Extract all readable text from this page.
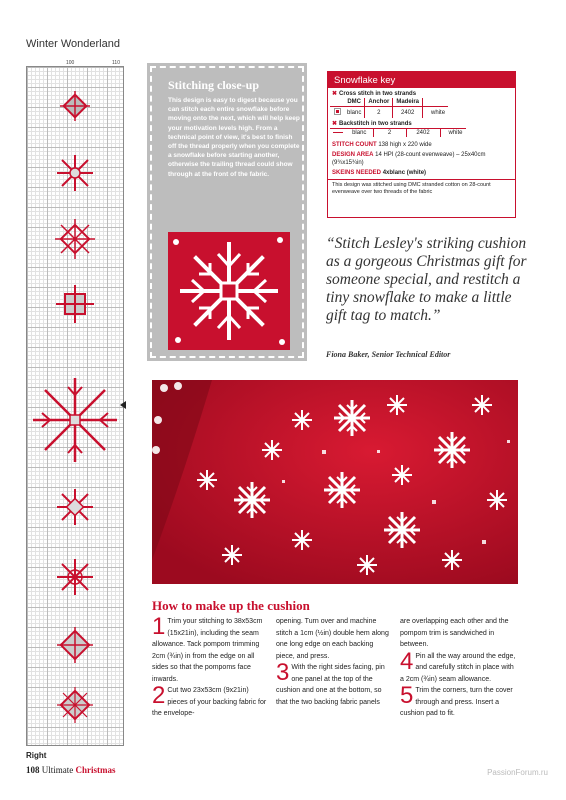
Winter Wonderland
100	110
Right
Stitching close-up
This design is easy to digest because you can stitch each entire snowflake before moving onto the next, which will help keep your motivation levels high. From a technical point of view, it's best to finish off the thread properly when you complete a snowflake before starting another, otherwise the trailing thread could show through at the front of the fabric.
Snowflake key
✖ Cross stitch in two strands
	DMC	Anchor	Madeira	
	blanc	2	2402	white
✖ Backstitch in two strands
	blanc	2	2402	white
STITCH COUNT 138 high x 220 wide
DESIGN AREA 14 HPI (28-count evenweave) – 25x40cm (9¾x15¾in)
SKEINS NEEDED 4xblanc (white)
This design was stitched using DMC stranded cotton on 28-count evenweave over two threads of the fabric
“Stitch Lesley's striking cushion as a gorgeous Christmas gift for someone special, and restitch a tiny snowflake to make a little gift tag to match.”
Fiona Baker, Senior Technical Editor
How to make up the cushion

1 Trim your stitching to 38x53cm (15x21in), including the seam allowance. Tack pompom trimming 2cm (¾in) in from the edge on all sides so that the pompoms face inwards.

2 Cut two 23x53cm (9x21in) pieces of your backing fabric for the envelope-

opening. Turn over and machine stitch a 1cm (½in) double hem along one long edge on each backing piece, and press.

3 With the right sides facing, pin one panel at the top of the cushion and one at the bottom, so that the two backing fabric panels

are overlapping each other and the pompom trim is sandwiched in between.

4 Pin all the way around the edge, and carefully stitch in place with a 2cm (¾in) seam allowance.

5 Trim the corners, turn the cover through and press. Insert a cushion pad to fit.

108 Ultimate Christmas	PassionForum.ru
